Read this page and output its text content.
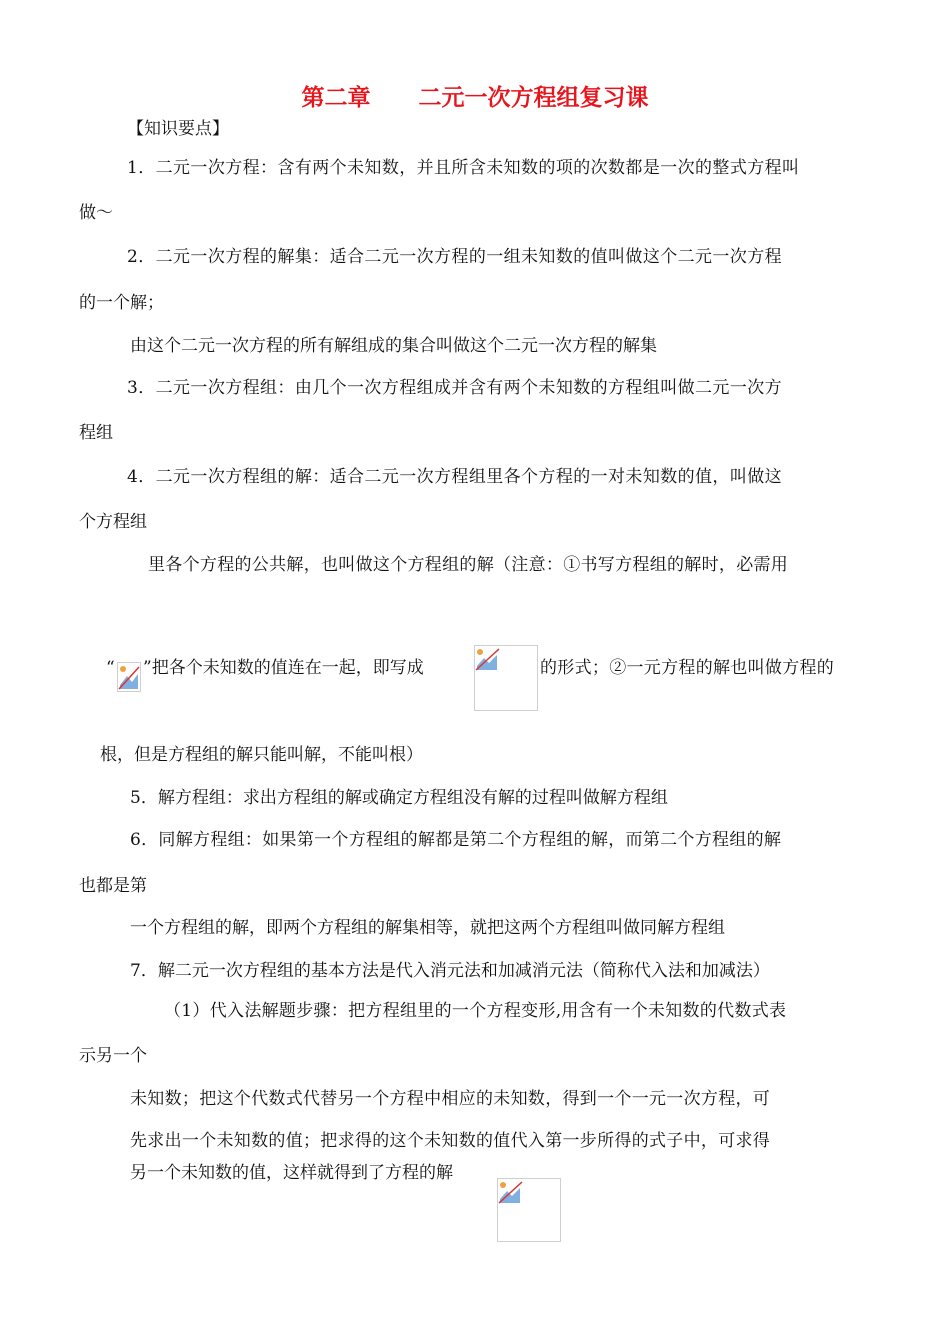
第二章 二元一次方程组复习课
【知识要点】
1．二元一次方程：含有两个未知数，并且所含未知数的项的次数都是一次的整式方程叫
做～
2．二元一次方程的解集：适合二元一次方程的一组未知数的值叫做这个二元一次方程
的一个解；
由这个二元一次方程的所有解组成的集合叫做这个二元一次方程的解集
3．二元一次方程组：由几个一次方程组成并含有两个未知数的方程组叫做二元一次方
程组
4．二元一次方程组的解：适合二元一次方程组里各个方程的一对未知数的值，叫做这
个方程组
里各个方程的公共解，也叫做这个方程组的解（注意：①书写方程组的解时，必需用
“ ”把各个未知数的值连在一起，即写成	的形式；②一元方程的解也叫做方程的
根，但是方程组的解只能叫解，不能叫根）
5．解方程组：求出方程组的解或确定方程组没有解的过程叫做解方程组
6．同解方程组：如果第一个方程组的解都是第二个方程组的解，而第二个方程组的解
也都是第
一个方程组的解，即两个方程组的解集相等，就把这两个方程组叫做同解方程组
7．解二元一次方程组的基本方法是代入消元法和加减消元法（简称代入法和加减法）
（1）代入法解题步骤：把方程组里的一个方程变形,用含有一个未知数的代数式表
示另一个
未知数；把这个代数式代替另一个方程中相应的未知数，得到一个一元一次方程，可
先求出一个未知数的值；把求得的这个未知数的值代入第一步所得的式子中，可求得
另一个未知数的值，这样就得到了方程的解
